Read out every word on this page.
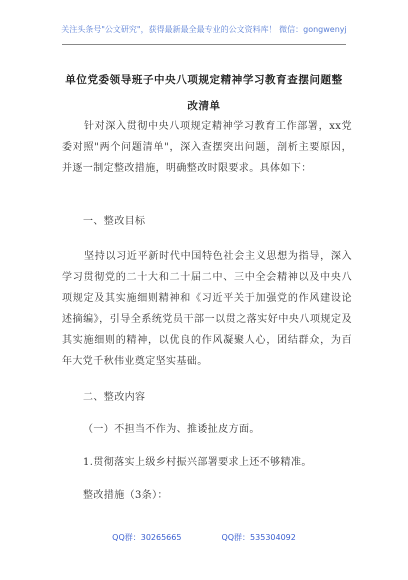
关注头条号"公文研究"，获得最新最全最专业的公文资料库！ 微信：gongwenyj
单位党委领导班子中央八项规定精神学习教育查摆问题整改清单
针对深入贯彻中央八项规定精神学习教育工作部署，xx党委对照"两个问题清单"，深入查摆突出问题，剖析主要原因，并逐一制定整改措施，明确整改时限要求。具体如下：
一、整改目标
坚持以习近平新时代中国特色社会主义思想为指导，深入学习贯彻党的二十大和二十届二中、三中全会精神以及中央八项规定及其实施细则精神和《习近平关于加强党的作风建设论述摘编》，引导全系统党员干部一以贯之落实好中央八项规定及其实施细则的精神，以优良的作风凝聚人心，团结群众，为百年大党千秋伟业奠定坚实基础。
二、整改内容
（一）不担当不作为、推诿扯皮方面。
1.贯彻落实上级乡村振兴部署要求上还不够精准。
整改措施（3条）：
QQ群：30265665	QQ群：535304092
